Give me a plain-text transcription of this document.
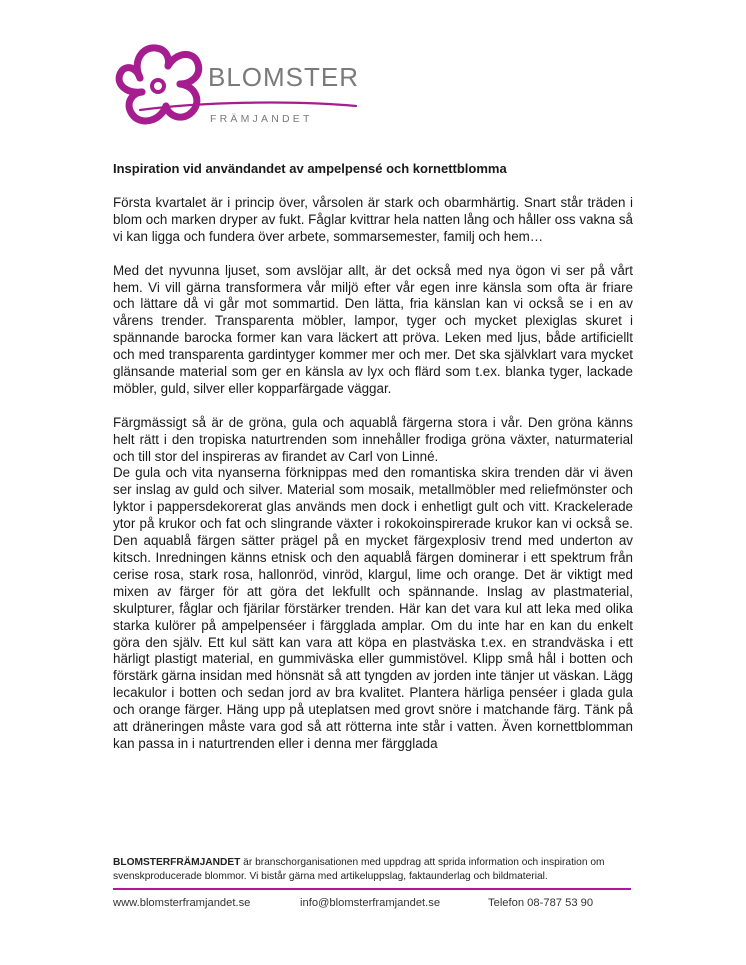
BLOMSTER
FRÄMJANDET
Inspiration vid användandet av ampelpensé och kornettblomma

Första kvartalet är i princip över, vårsolen är stark och obarmhärtig. Snart står träden i blom och marken dryper av fukt. Fåglar kvittrar hela natten lång och håller oss vakna så vi kan ligga och fundera över arbete, sommarsemester, familj och hem…

Med det nyvunna ljuset, som avslöjar allt, är det också med nya ögon vi ser på vårt hem. Vi vill gärna transformera vår miljö efter vår egen inre känsla som ofta är friare och lättare då vi går mot sommartid. Den lätta, fria känslan kan vi också se i en av vårens trender. Transparenta möbler, lampor, tyger och mycket plexiglas skuret i spännande barocka former kan vara läckert att pröva. Leken med ljus, både artificiellt och med transparenta gardintyger kommer mer och mer. Det ska självklart vara mycket glänsande material som ger en känsla av lyx och flärd som t.ex. blanka tyger, lackade möbler, guld, silver eller kopparfärgade väggar.

Färgmässigt så är de gröna, gula och aquablå färgerna stora i vår. Den gröna känns helt rätt i den tropiska naturtrenden som innehåller frodiga gröna växter, naturmaterial och till stor del inspireras av firandet av Carl von Linné.

De gula och vita nyanserna förknippas med den romantiska skira trenden där vi även ser inslag av guld och silver. Material som mosaik, metallmöbler med reliefmönster och lyktor i pappersdekorerat glas används men dock i enhetligt gult och vitt. Krackelerade ytor på krukor och fat och slingrande växter i rokokoinspirerade krukor kan vi också se. Den aquablå färgen sätter prägel på en mycket färgexplosiv trend med underton av kitsch. Inredningen känns etnisk och den aquablå färgen dominerar i ett spektrum från cerise rosa, stark rosa, hallonröd, vinröd, klargul, lime och orange. Det är viktigt med mixen av färger för att göra det lekfullt och spännande. Inslag av plastmaterial, skulpturer, fåglar och fjärilar förstärker trenden. Här kan det vara kul att leka med olika starka kulörer på ampelpenséer i färgglada amplar. Om du inte har en kan du enkelt göra den själv. Ett kul sätt kan vara att köpa en plastväska t.ex. en strandväska i ett härligt plastigt material, en gummiväska eller gummistövel. Klipp små hål i botten och förstärk gärna insidan med hönsnät så att tyngden av jorden inte tänjer ut väskan. Lägg lecakulor i botten och sedan jord av bra kvalitet. Plantera härliga penséer i glada gula och orange färger. Häng upp på uteplatsen med grovt snöre i matchande färg. Tänk på att dräneringen måste vara god så att rötterna inte står i vatten. Även kornettblomman kan passa in i naturtrenden eller i denna mer färgglada

BLOMSTERFRÄMJANDET är branschorganisationen med uppdrag att sprida information och inspiration om svenskproducerade blommor. Vi bistår gärna med artikeluppslag, faktaunderlag och bildmaterial.

www.blomsterframjandet.se	info@blomsterframjandet.se	Telefon 08-787 53 90
